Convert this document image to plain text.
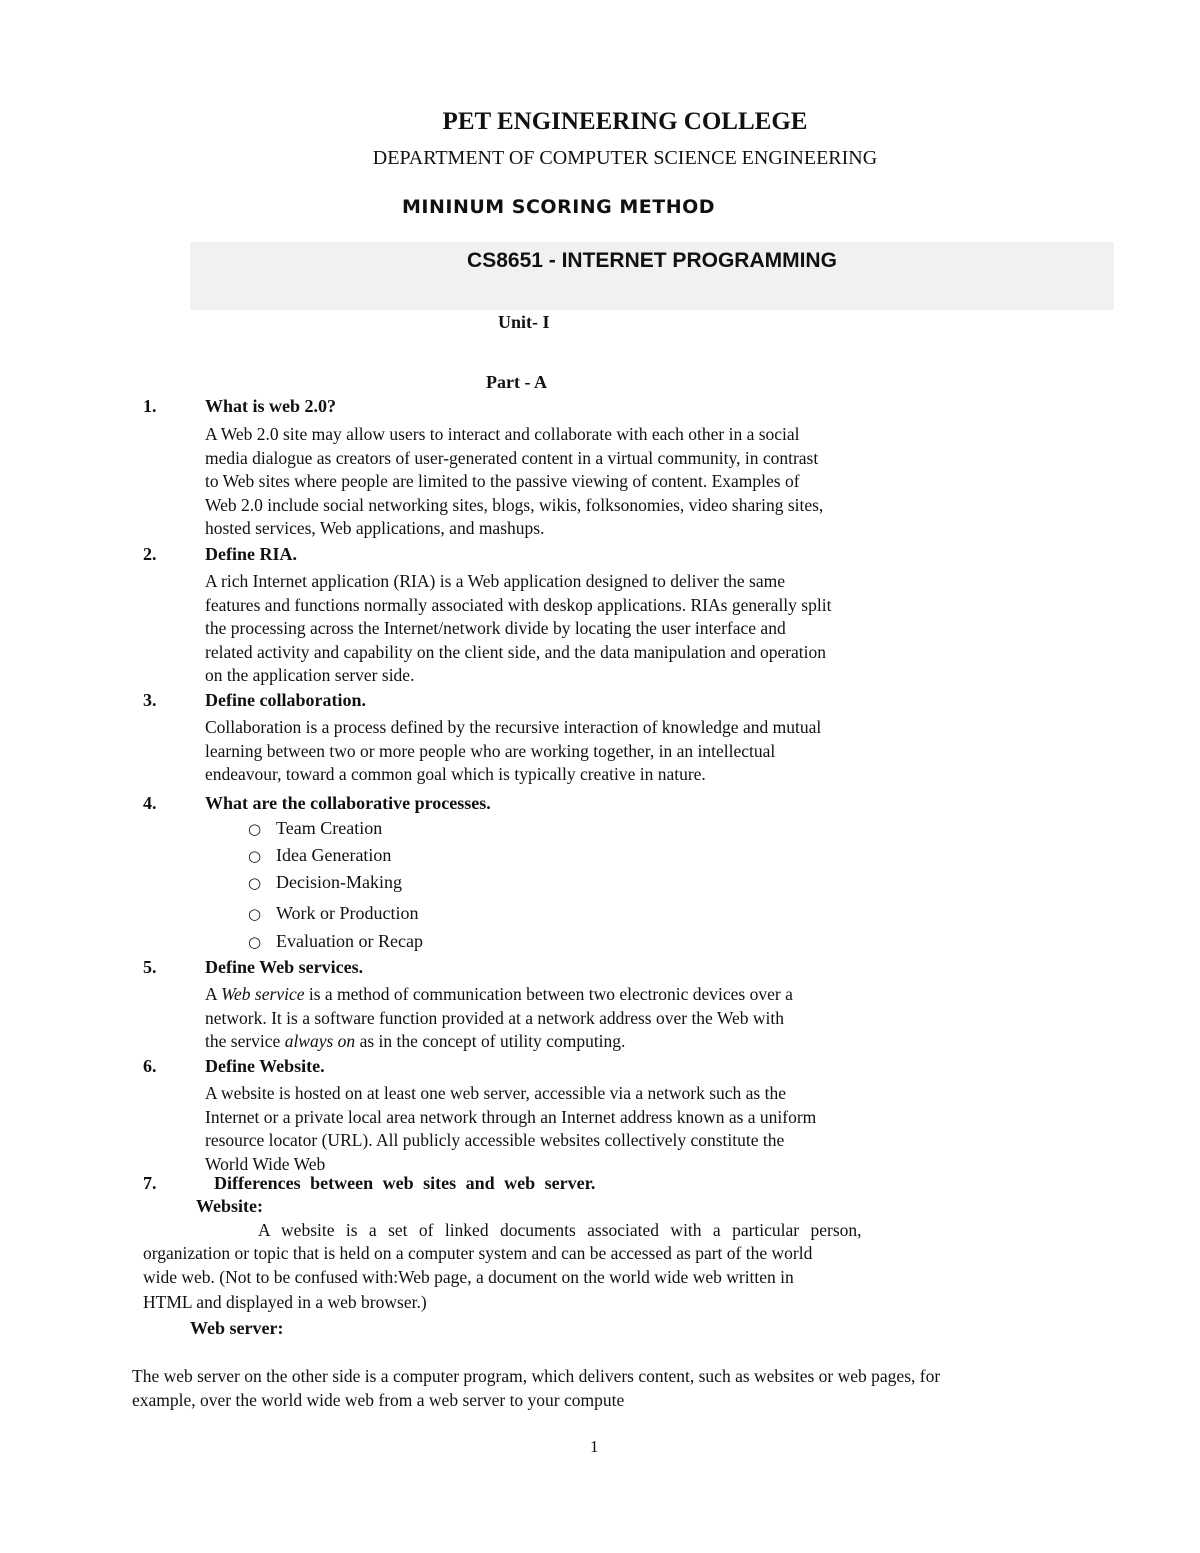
PET ENGINEERING COLLEGE
DEPARTMENT OF COMPUTER SCIENCE ENGINEERING
MININUM SCORING METHOD
CS8651 - INTERNET PROGRAMMING
Unit- I
Part - A
1.	What is web 2.0?
A Web 2.0 site may allow users to interact and collaborate with each other in a social
media dialogue as creators of user-generated content in a virtual community, in contrast
to Web sites where people are limited to the passive viewing of content. Examples of
Web 2.0 include social networking sites, blogs, wikis, folksonomies, video sharing sites,
hosted services, Web applications, and mashups.
2.	Define RIA.
A rich Internet application (RIA) is a Web application designed to deliver the same
features and functions normally associated with deskop applications. RIAs generally split
the processing across the Internet/network divide by locating the user interface and
related activity and capability on the client side, and the data manipulation and operation
on the application server side.
3.	Define collaboration.
Collaboration is a process defined by the recursive interaction of knowledge and mutual
learning between two or more people who are working together, in an intellectual
endeavour, toward a common goal which is typically creative in nature.
4.	What are the collaborative processes.
○ Team Creation
○ Idea Generation
○ Decision-Making
○ Work or Production
○ Evaluation or Recap
5.	Define Web services.
A Web service is a method of communication between two electronic devices over a
network. It is a software function provided at a network address over the Web with
the service always on as in the concept of utility computing.
6.	Define Website.
A website is hosted on at least one web server, accessible via a network such as the
Internet or a private local area network through an Internet address known as a uniform
resource locator (URL). All publicly accessible websites collectively constitute the
World Wide Web
7.	Differences between web sites and web server.
Website:
A website is a set of linked documents associated with a particular person,
organization or topic that is held on a computer system and can be accessed as part of the world
wide web. (Not to be confused with:Web page, a document on the world wide web written in
HTML and displayed in a web browser.)
Web server:
The web server on the other side is a computer program, which delivers content, such as websites or web pages, for
example, over the world wide web from a web server to your compute
1
